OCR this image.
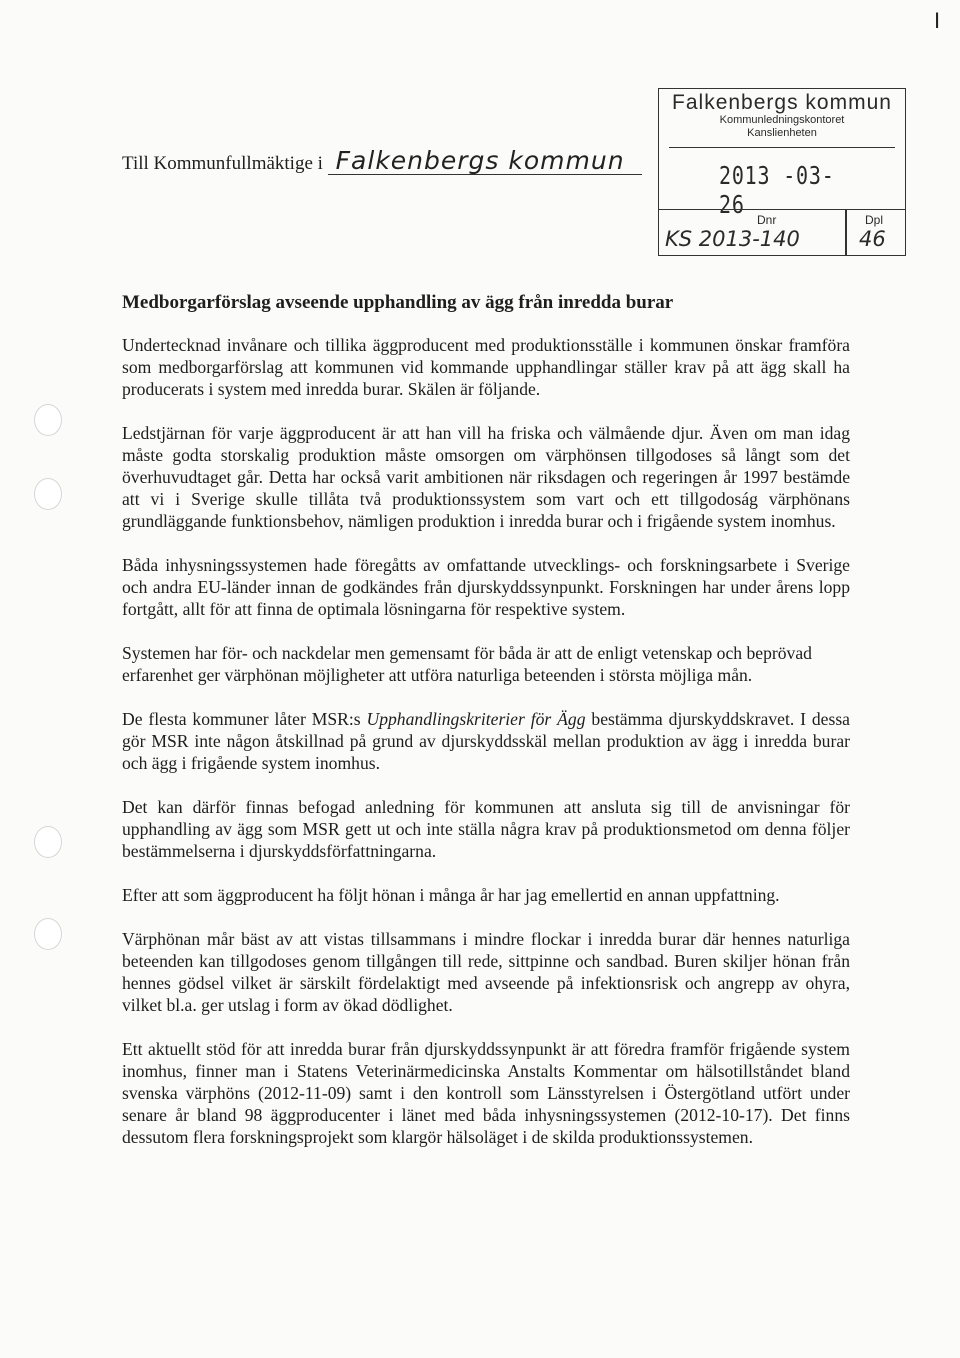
I
Till Kommunfullmäktige i Falkenbergs kommun
Falkenbergs kommun
Kommunledningskontoret
Kanslienheten
2013 -03- 26
Dnr	Dpl
KS 2013-140	46
Medborgarförslag avseende upphandling av ägg från inredda burar

Undertecknad invånare och tillika äggproducent med produktionsställe i kommunen önskar framföra som medborgarförslag att kommunen vid kommande upphandlingar ställer krav på att ägg skall ha producerats i system med inredda burar. Skälen är följande.

Ledstjärnan för varje äggproducent är att han vill ha friska och välmående djur. Även om man idag måste godta storskalig produktion måste omsorgen om värphönsen tillgodoses så långt som det överhuvudtaget går. Detta har också varit ambitionen när riksdagen och regeringen år 1997 bestämde att vi i Sverige skulle tillåta två produktionssystem som vart och ett tillgodoság värphönans grundläggande funktionsbehov, nämligen produktion i inredda burar och i frigående system inomhus.

Båda inhysningssystemen hade föregåtts av omfattande utvecklings- och forskningsarbete i Sverige och andra EU-länder innan de godkändes från djurskyddssynpunkt. Forskningen har under årens lopp fortgått, allt för att finna de optimala lösningarna för respektive system.

Systemen har för- och nackdelar men gemensamt för båda är att de enligt vetenskap och beprövad erfarenhet ger värphönan möjligheter att utföra naturliga beteenden i största möjliga mån.

De flesta kommuner låter MSR:s Upphandlingskriterier för Ägg bestämma djurskyddskravet. I dessa gör MSR inte någon åtskillnad på grund av djurskyddsskäl mellan produktion av ägg i inredda burar och ägg i frigående system inomhus.

Det kan därför finnas befogad anledning för kommunen att ansluta sig till de anvisningar för upphandling av ägg som MSR gett ut och inte ställa några krav på produktionsmetod om denna följer bestämmelserna i djurskyddsförfattningarna.

Efter att som äggproducent ha följt hönan i många år har jag emellertid en annan uppfattning.

Värphönan mår bäst av att vistas tillsammans i mindre flockar i inredda burar där hennes naturliga beteenden kan tillgodoses genom tillgången till rede, sittpinne och sandbad. Buren skiljer hönan från hennes gödsel vilket är särskilt fördelaktigt med avseende på infektionsrisk och angrepp av ohyra, vilket bl.a. ger utslag i form av ökad dödlighet.

Ett aktuellt stöd för att inredda burar från djurskyddssynpunkt är att föredra framför frigående system inomhus, finner man i Statens Veterinärmedicinska Anstalts Kommentar om hälsotillståndet bland svenska värphöns (2012-11-09) samt i den kontroll som Länsstyrelsen i Östergötland utfört under senare år bland 98 äggproducenter i länet med båda inhysningssystemen (2012-10-17). Det finns dessutom flera forskningsprojekt som klargör hälsoläget i de skilda produktionssystemen.
